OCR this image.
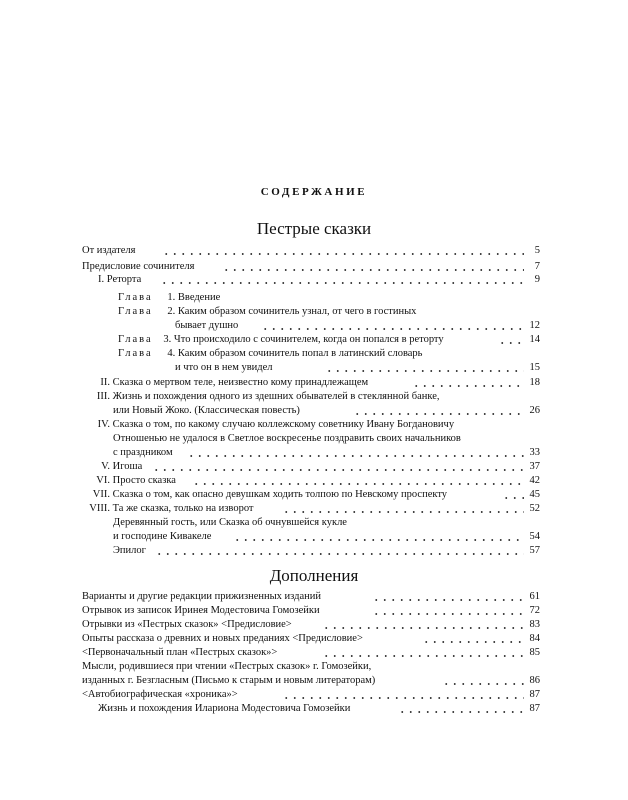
СОДЕРЖАНИЕ
Пестрые сказки
От издателя	5
Предисловие сочинителя	7
I. Реторта	9
Глава 1. Введение
Глава 2. Каким образом сочинитель узнал, от чего в гостиных
бывает душно	12
Глава 3. Что происходило с сочинителем, когда он попался в реторту	14
Глава 4. Каким образом сочинитель попал в латинский словарь
и что он в нем увидел	15
II. Сказка о мертвом теле, неизвестно кому принадлежащем	18
III. Жизнь и похождения одного из здешних обывателей в стеклянной банке,
или Новый Жоко. (Классическая повесть)	26
IV. Сказка о том, по какому случаю коллежскому советнику Ивану Богдановичу
Отношенью не удалося в Светлое воскресенье поздравить своих начальников
с праздником	33
V. Игоша	37
VI. Просто сказка	42
VII. Сказка о том, как опасно девушкам ходить толпою по Невскому проспекту	45
VIII. Та же сказка, только на изворот	52
Деревянный гость, или Сказка об очнувшейся кукле
и господине Кивакеле	54
Эпилог	57
Дополнения
Варианты и другие редакции прижизненных изданий	61
Отрывок из записок Иринея Модестовича Гомозейки	72
Отрывки из «Пестрых сказок» <Предисловие>	83
Опыты рассказа о древних и новых преданиях <Предисловие>	84
<Первоначальный план «Пестрых сказок»>	85
Мысли, родившиеся при чтении «Пестрых сказок» г. Гомозейки,
изданных г. Безгласным (Письмо к старым и новым литераторам)	86
<Автобиографическая «хроника»>	87
Жизнь и похождения Илариона Модестовича Гомозейки	87
